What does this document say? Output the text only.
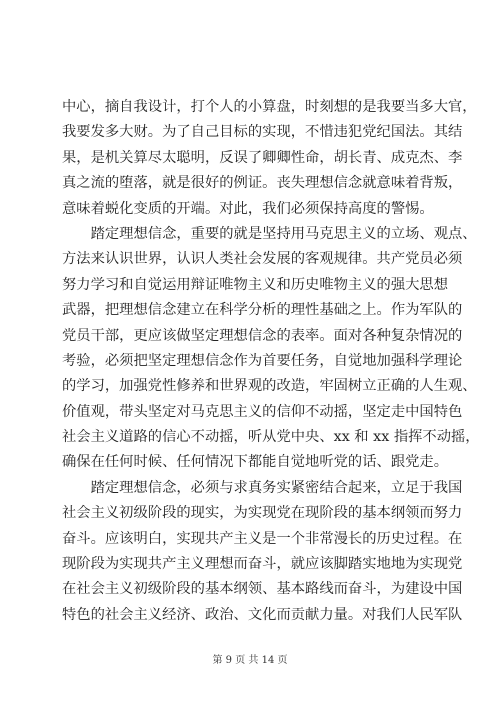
中心，摘自我设计，打个人的小算盘，时刻想的是我要当多大官，
我要发多大财。为了自己目标的实现，不惜违犯党纪国法。其结
果，是机关算尽太聪明，反误了卿卿性命，胡长青、成克杰、李
真之流的堕落，就是很好的例证。丧失理想信念就意味着背叛，
意味着蜕化变质的开端。对此，我们必须保持高度的警惕。
　　踏定理想信念，重要的就是坚持用马克思主义的立场、观点、
方法来认识世界，认识人类社会发展的客观规律。共产党员必须
努力学习和自觉运用辩证唯物主义和历史唯物主义的强大思想
武器，把理想信念建立在科学分析的理性基础之上。作为军队的
党员干部，更应该做坚定理想信念的表率。面对各种复杂情况的
考验，必须把坚定理想信念作为首要任务，自觉地加强科学理论
的学习，加强党性修养和世界观的改造，牢固树立正确的人生观、
价值观，带头坚定对马克思主义的信仰不动摇，坚定走中国特色
社会主义道路的信心不动摇，听从党中央、xx 和 xx 指挥不动摇，
确保在任何时候、任何情况下都能自觉地听党的话、跟党走。
　　踏定理想信念，必须与求真务实紧密结合起来，立足于我国
社会主义初级阶段的现实，为实现党在现阶段的基本纲领而努力
奋斗。应该明白，实现共产主义是一个非常漫长的历史过程。在
现阶段为实现共产主义理想而奋斗，就应该脚踏实地地为实现党
在社会主义初级阶段的基本纲领、基本路线而奋斗，为建设中国
特色的社会主义经济、政治、文化而贡献力量。对我们人民军队
第 9 页 共 14 页
